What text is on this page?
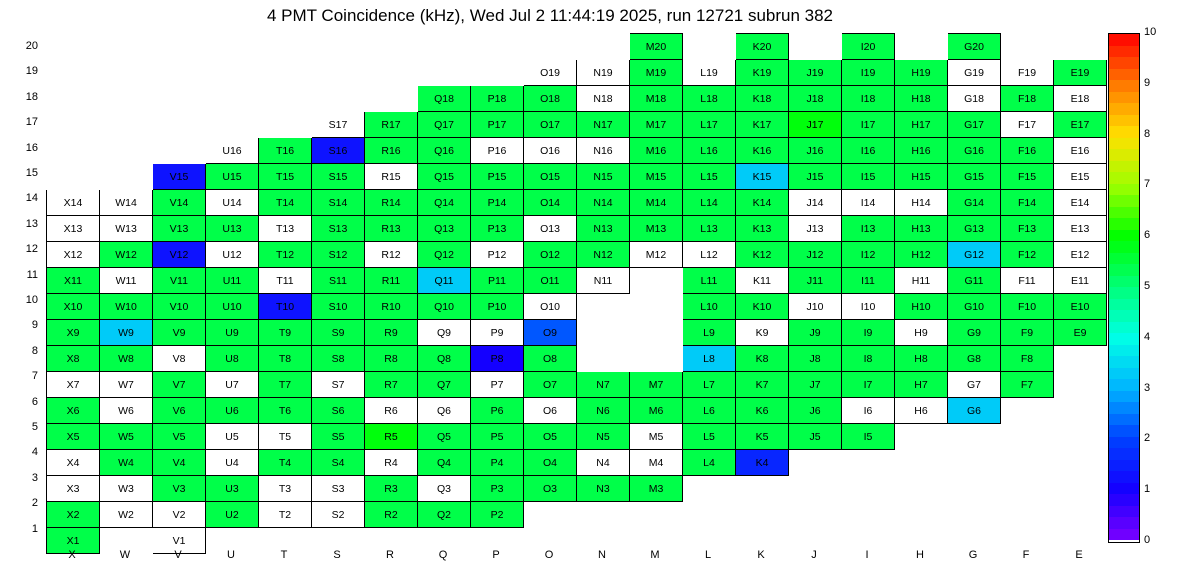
4 PMT Coincidence (kHz), Wed Jul 2 11:44:19 2025, run 12721 subrun 382
											M20		K20		I20		G20		
									O19	N19	M19	L19	K19	J19	I19	H19	G19	F19	E19
							Q18	P18	O18	N18	M18	L18	K18	J18	I18	H18	G18	F18	E18
					S17	R17	Q17	P17	O17	N17	M17	L17	K17	J17	I17	H17	G17	F17	E17
			U16	T16	S16	R16	Q16	P16	O16	N16	M16	L16	K16	J16	I16	H16	G16	F16	E16
		V15	U15	T15	S15	R15	Q15	P15	O15	N15	M15	L15	K15	J15	I15	H15	G15	F15	E15
X14	W14	V14	U14	T14	S14	R14	Q14	P14	O14	N14	M14	L14	K14	J14	I14	H14	G14	F14	E14
X13	W13	V13	U13	T13	S13	R13	Q13	P13	O13	N13	M13	L13	K13	J13	I13	H13	G13	F13	E13
X12	W12	V12	U12	T12	S12	R12	Q12	P12	O12	N12	M12	L12	K12	J12	I12	H12	G12	F12	E12
X11	W11	V11	U11	T11	S11	R11	Q11	P11	O11	N11		L11	K11	J11	I11	H11	G11	F11	E11
X10	W10	V10	U10	T10	S10	R10	Q10	P10	O10			L10	K10	J10	I10	H10	G10	F10	E10
X9	W9	V9	U9	T9	S9	R9	Q9	P9	O9			L9	K9	J9	I9	H9	G9	F9	E9
X8	W8	V8	U8	T8	S8	R8	Q8	P8	O8			L8	K8	J8	I8	H8	G8	F8	
X7	W7	V7	U7	T7	S7	R7	Q7	P7	O7	N7	M7	L7	K7	J7	I7	H7	G7	F7	
X6	W6	V6	U6	T6	S6	R6	Q6	P6	O6	N6	M6	L6	K6	J6	I6	H6	G6		
X5	W5	V5	U5	T5	S5	R5	Q5	P5	O5	N5	M5	L5	K5	J5	I5				
X4	W4	V4	U4	T4	S4	R4	Q4	P4	O4	N4	M4	L4	K4						
X3	W3	V3	U3	T3	S3	R3	Q3	P3	O3	N3	M3								
X2	W2	V2	U2	T2	S2	R2	Q2	P2											
X1		V1																	
20
19
18
17
16
15
14
13
12
11
10
9
8
7
6
5
4
3
2
1
X	W	V	U	T	S	R	Q	P	O	N	M	L	K	J	I	H	G	F	E
0
1
2
3
4
5
6
7
8
9
10
